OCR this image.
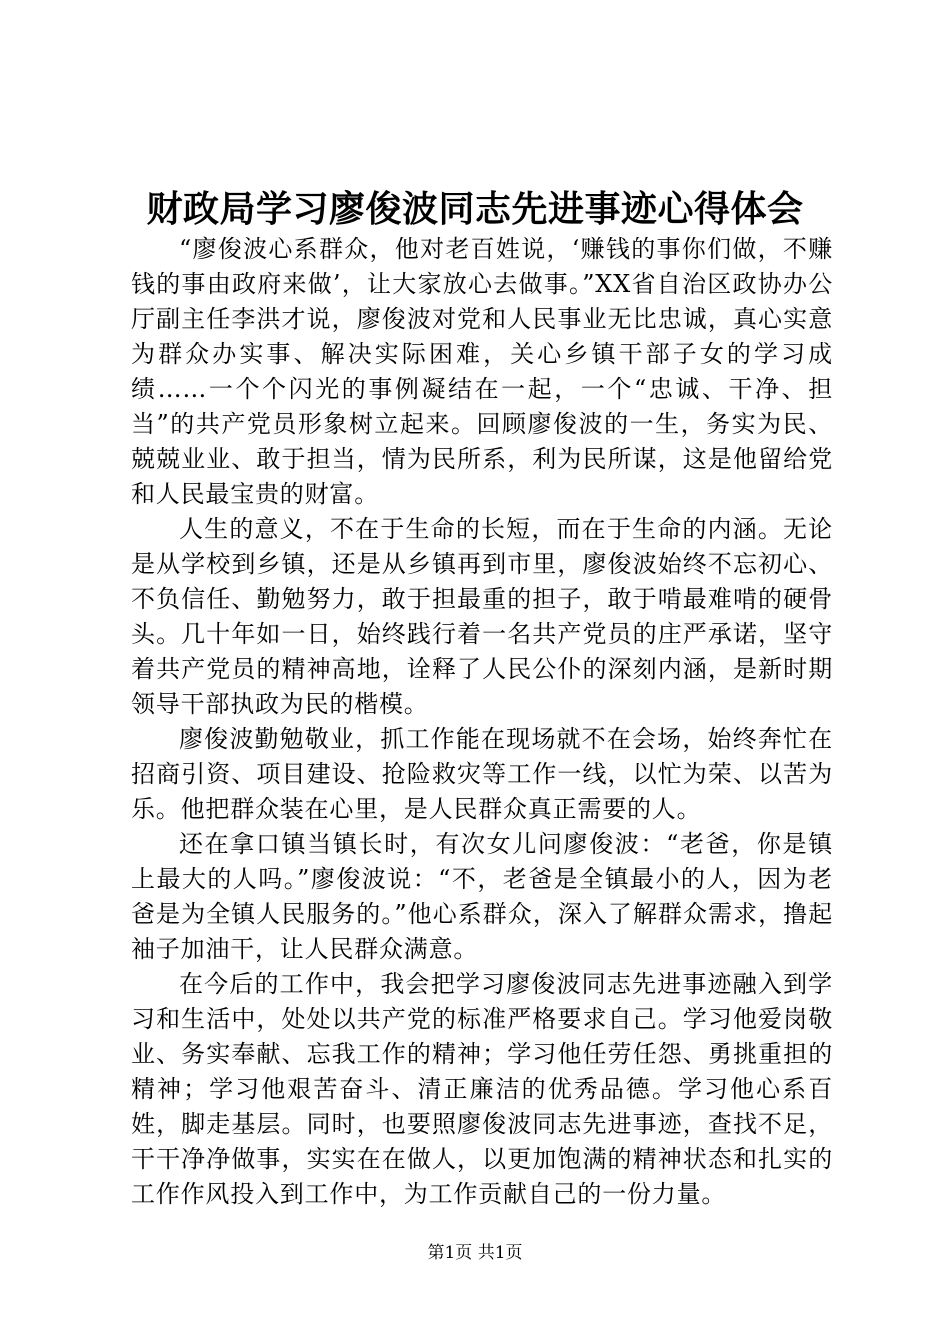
财政局学习廖俊波同志先进事迹心得体会

“廖俊波心系群众，他对老百姓说，‘赚钱的事你们做，不赚钱的事由政府来做’，让大家放心去做事。”XX省自治区政协办公厅副主任李洪才说，廖俊波对党和人民事业无比忠诚，真心实意为群众办实事、解决实际困难，关心乡镇干部子女的学习成绩……一个个闪光的事例凝结在一起，一个“忠诚、干净、担当”的共产党员形象树立起来。回顾廖俊波的一生，务实为民、兢兢业业、敢于担当，情为民所系，利为民所谋，这是他留给党和人民最宝贵的财富。

人生的意义，不在于生命的长短，而在于生命的内涵。无论是从学校到乡镇，还是从乡镇再到市里，廖俊波始终不忘初心、不负信任、勤勉努力，敢于担最重的担子，敢于啃最难啃的硬骨头。几十年如一日，始终践行着一名共产党员的庄严承诺，坚守着共产党员的精神高地，诠释了人民公仆的深刻内涵，是新时期领导干部执政为民的楷模。

廖俊波勤勉敬业，抓工作能在现场就不在会场，始终奔忙在招商引资、项目建设、抢险救灾等工作一线，以忙为荣、以苦为乐。他把群众装在心里，是人民群众真正需要的人。

还在拿口镇当镇长时，有次女儿问廖俊波：“老爸，你是镇上最大的人吗。”廖俊波说：“不，老爸是全镇最小的人，因为老爸是为全镇人民服务的。”他心系群众，深入了解群众需求，撸起袖子加油干，让人民群众满意。

在今后的工作中，我会把学习廖俊波同志先进事迹融入到学习和生活中，处处以共产党的标准严格要求自己。学习他爱岗敬业、务实奉献、忘我工作的精神；学习他任劳任怨、勇挑重担的精神；学习他艰苦奋斗、清正廉洁的优秀品德。学习他心系百姓，脚走基层。同时，也要照廖俊波同志先进事迹，查找不足，干干净净做事，实实在在做人，以更加饱满的精神状态和扎实的工作作风投入到工作中，为工作贡献自己的一份力量。

第1页 共1页
